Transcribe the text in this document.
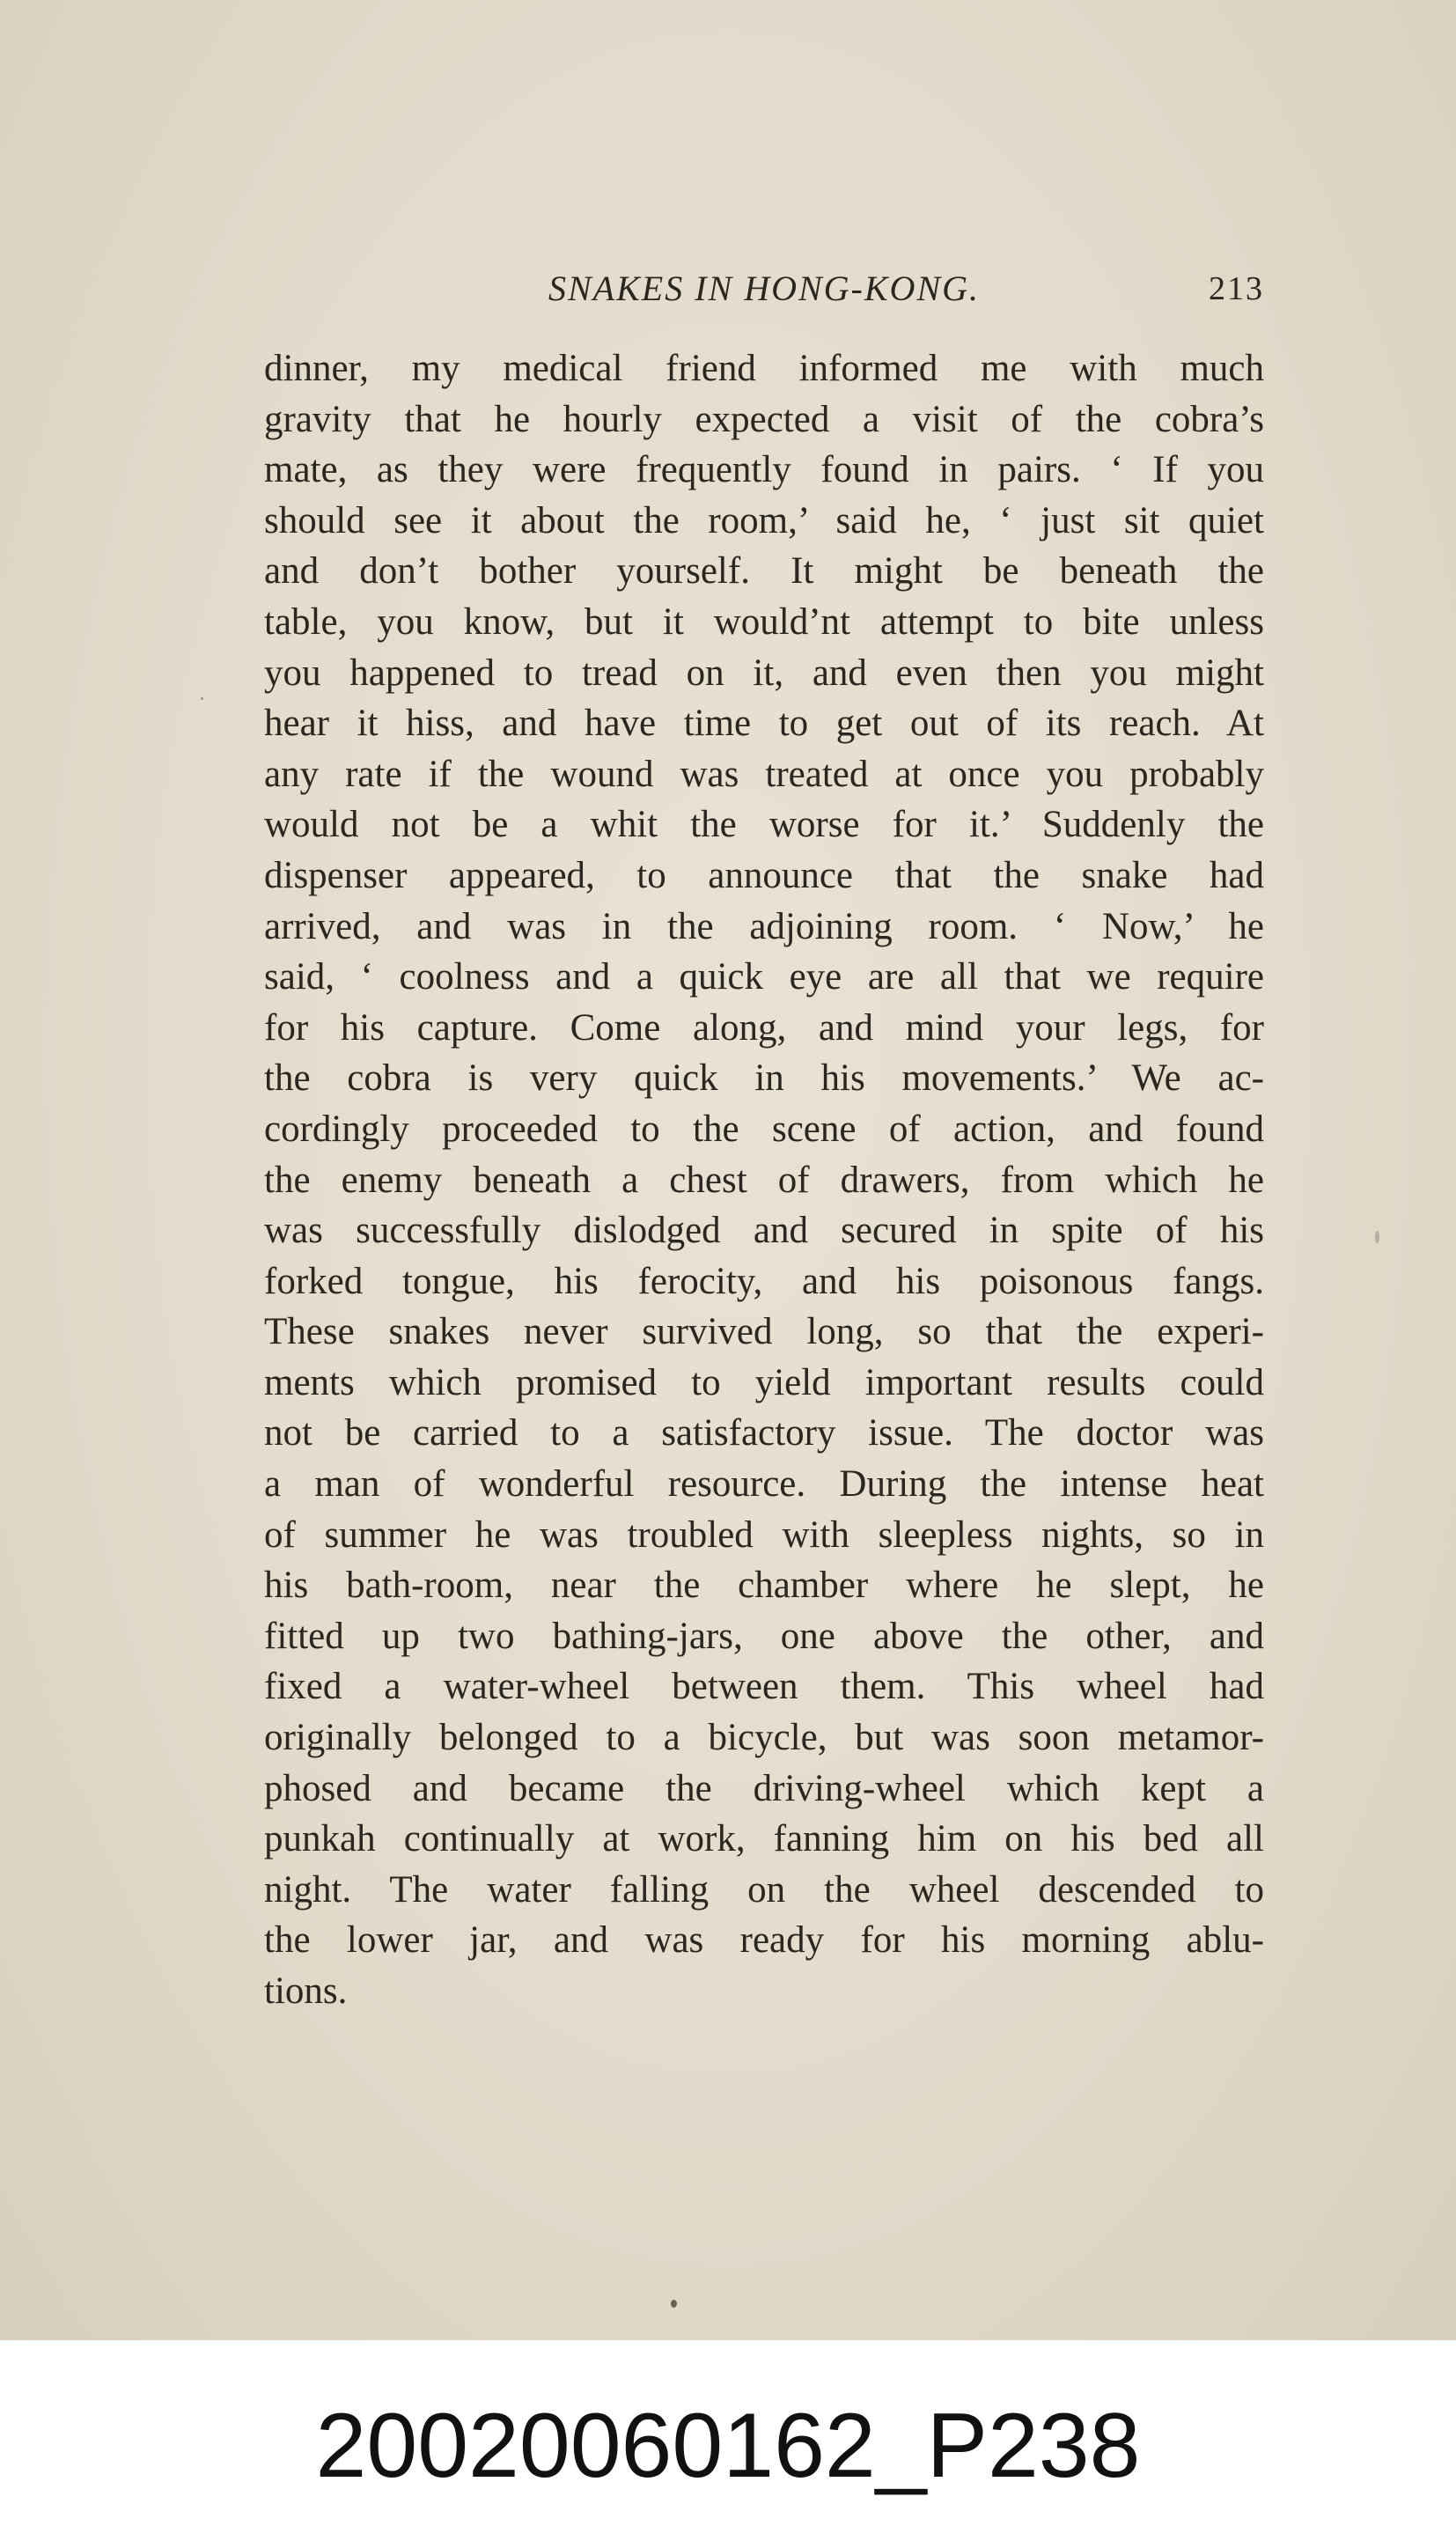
SNAKES IN HONG-KONG.	213
dinner, my medical friend informed me with much
gravity that he hourly expected a visit of the cobra’s
mate, as they were frequently found in pairs. ‘ If you
should see it about the room,’ said he, ‘ just sit quiet
and don’t bother yourself. It might be beneath the
table, you know, but it would’nt attempt to bite unless
you happened to tread on it, and even then you might
hear it hiss, and have time to get out of its reach. At
any rate if the wound was treated at once you probably
would not be a whit the worse for it.’ Suddenly the
dispenser appeared, to announce that the snake had
arrived, and was in the adjoining room. ‘ Now,’ he
said, ‘ coolness and a quick eye are all that we require
for his capture. Come along, and mind your legs, for
the cobra is very quick in his movements.’ We ac-
cordingly proceeded to the scene of action, and found
the enemy beneath a chest of drawers, from which he
was successfully dislodged and secured in spite of his
forked tongue, his ferocity, and his poisonous fangs.
These snakes never survived long, so that the experi-
ments which promised to yield important results could
not be carried to a satisfactory issue. The doctor was
a man of wonderful resource. During the intense heat
of summer he was troubled with sleepless nights, so in
his bath-room, near the chamber where he slept, he
fitted up two bathing-jars, one above the other, and
fixed a water-wheel between them. This wheel had
originally belonged to a bicycle, but was soon metamor-
phosed and became the driving-wheel which kept a
punkah continually at work, fanning him on his bed all
night. The water falling on the wheel descended to
the lower jar, and was ready for his morning ablu-
tions.
20020060162_P238
